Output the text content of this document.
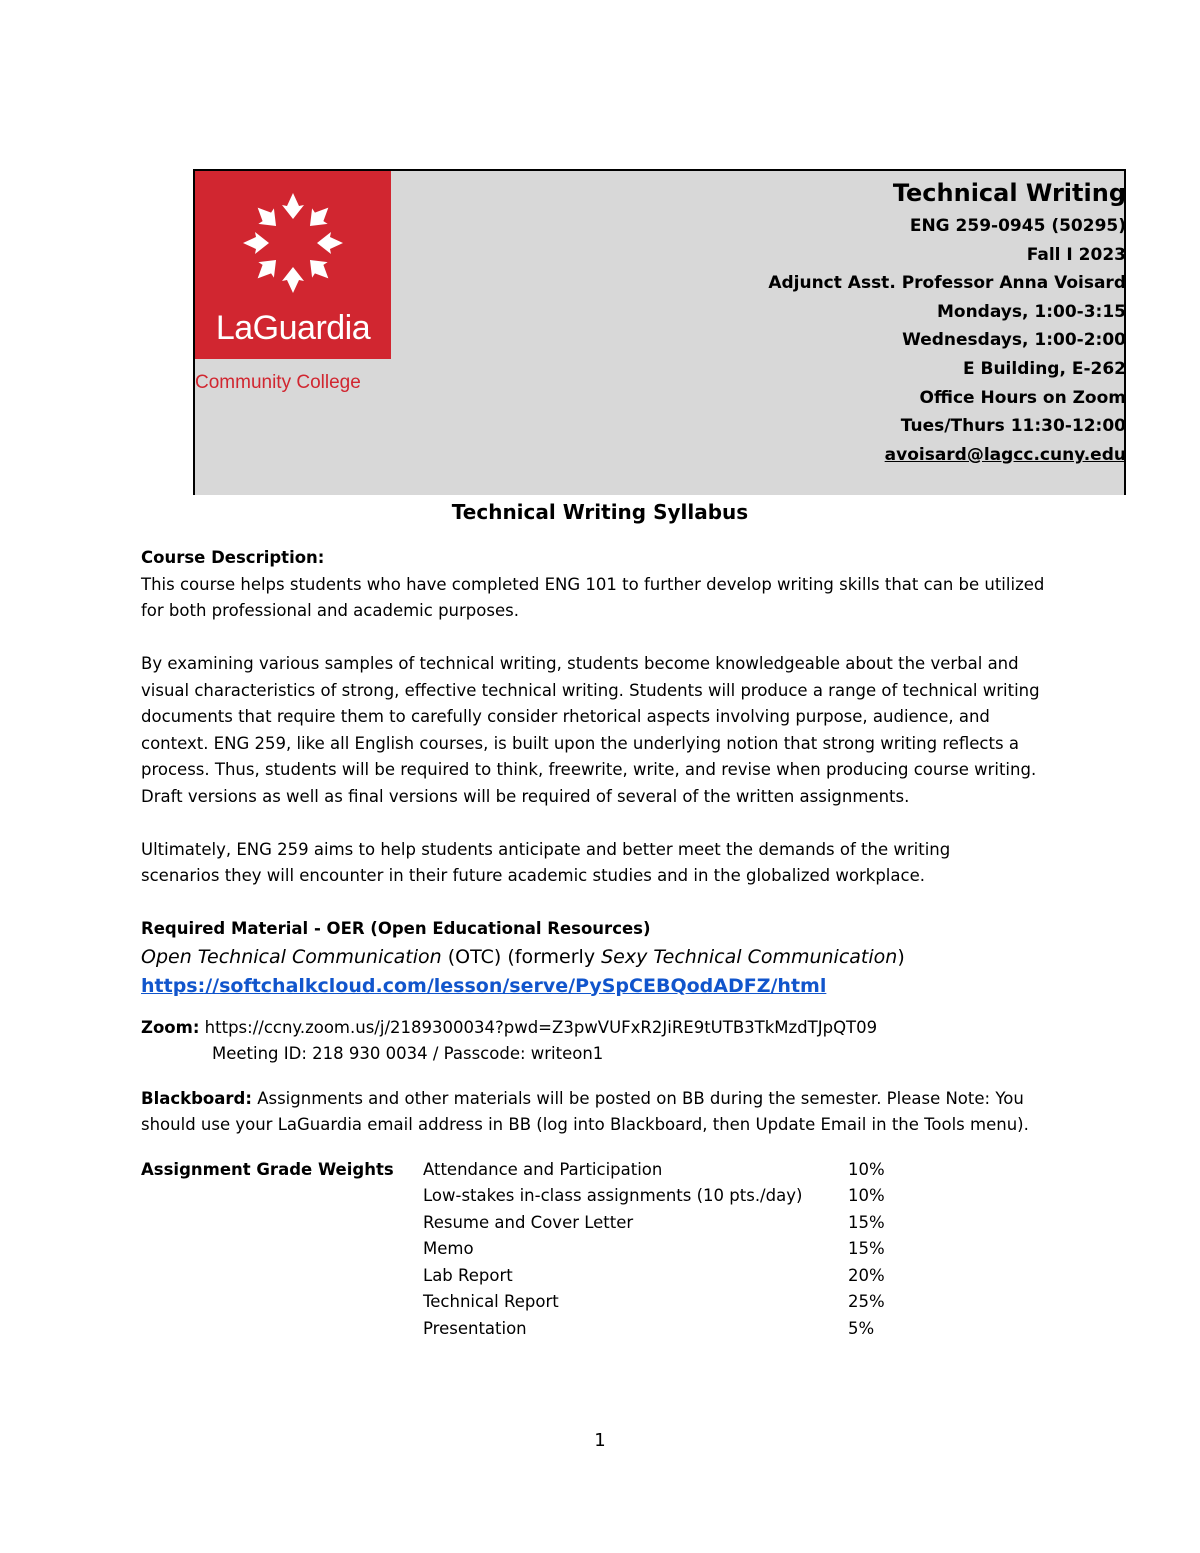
LaGuardia
Community College
Technical Writing
ENG 259-0945 (50295)
Fall I 2023
Adjunct Asst. Professor Anna Voisard
Mondays, 1:00-3:15
Wednesdays, 1:00-2:00
E Building, E-262
Office Hours on Zoom
Tues/Thurs 11:30-12:00
avoisard@lagcc.cuny.edu
Technical Writing Syllabus

Course Description:

This course helps students who have completed ENG 101 to further develop writing skills that can be utilized

for both professional and academic purposes.

By examining various samples of technical writing, students become knowledgeable about the verbal and

visual characteristics of strong, effective technical writing. Students will produce a range of technical writing

documents that require them to carefully consider rhetorical aspects involving purpose, audience, and

context. ENG 259, like all English courses, is built upon the underlying notion that strong writing reflects a

process. Thus, students will be required to think, freewrite, write, and revise when producing course writing.

Draft versions as well as final versions will be required of several of the written assignments.

Ultimately, ENG 259 aims to help students anticipate and better meet the demands of the writing

scenarios they will encounter in their future academic studies and in the globalized workplace.

Required Material - OER (Open Educational Resources)

Open Technical Communication (OTC) (formerly Sexy Technical Communication)

https://softchalkcloud.com/lesson/serve/PySpCEBQodADFZ/html

Zoom: https://ccny.zoom.us/j/2189300034?pwd=Z3pwVUFxR2JiRE9tUTB3TkMzdTJpQT09

Meeting ID: 218 930 0034 / Passcode: writeon1

Blackboard: Assignments and other materials will be posted on BB during the semester. Please Note: You

should use your LaGuardia email address in BB (log into Blackboard, then Update Email in the Tools menu).

Assignment Grade Weights	Attendance and Participation
Low-stakes in-class assignments (10 pts./day)
Resume and Cover Letter
Memo
Lab Report
Technical Report
Presentation
10%
10%
15%
15%
20%
25%
5%
1
